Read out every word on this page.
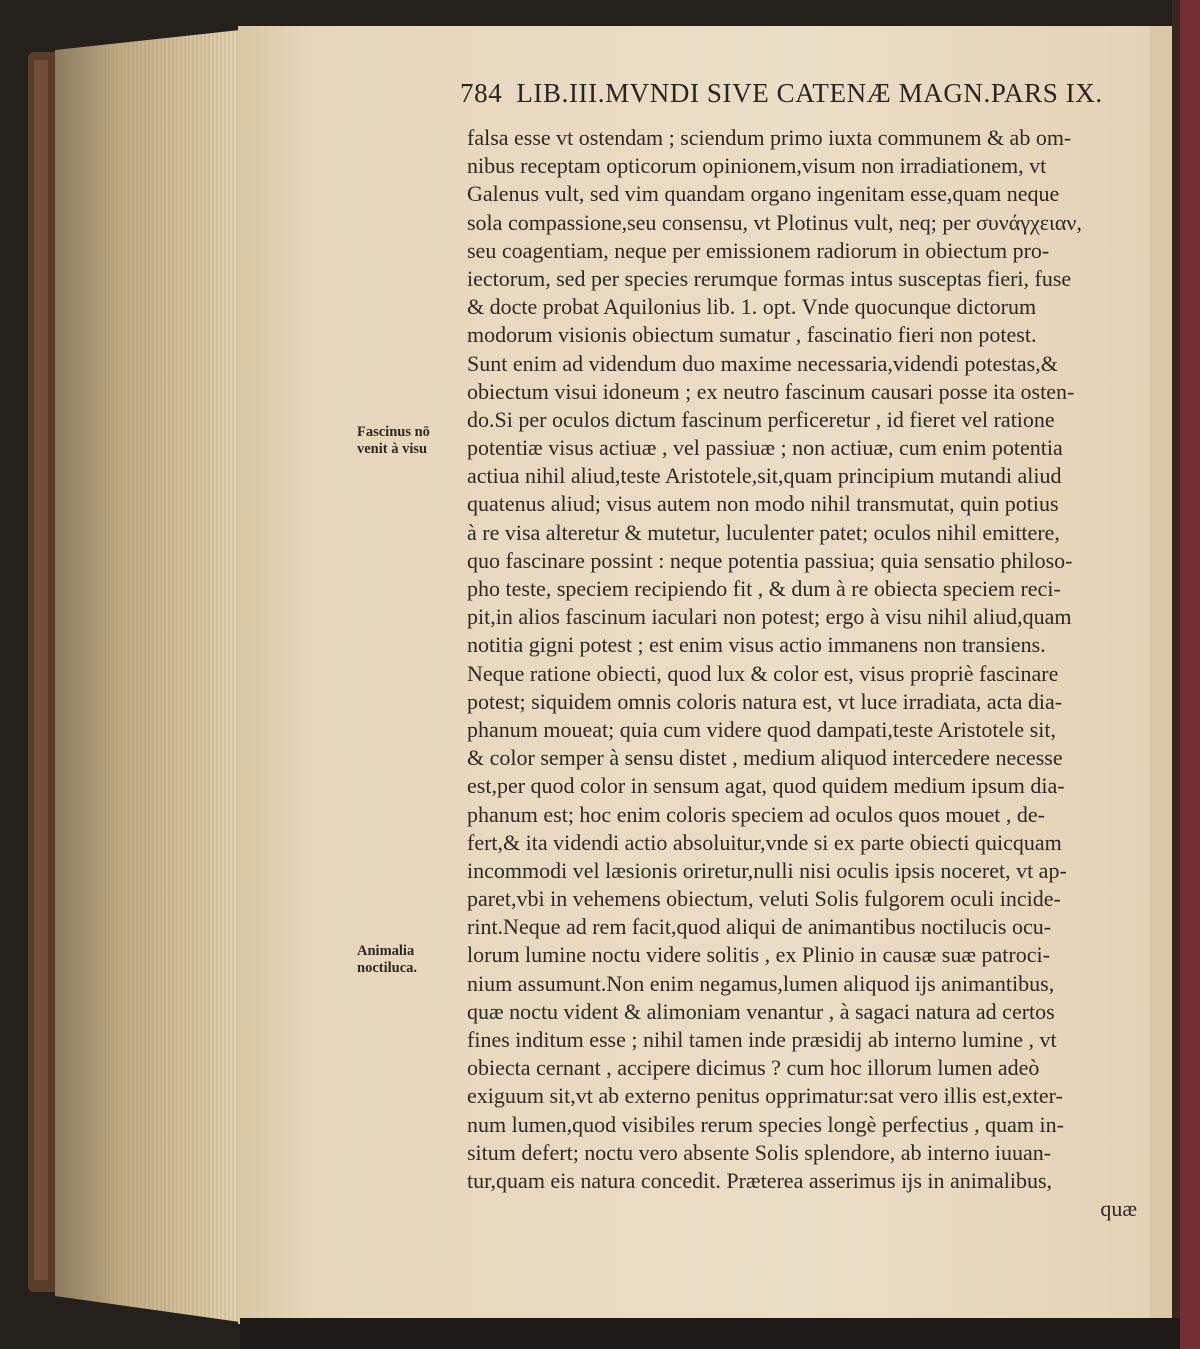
784 LIB.III.MVNDI SIVE CATENÆ MAGN.PARS IX.
falsa esse vt ostendam ; sciendum primo iuxta communem & ab om-
nibus receptam opticorum opinionem,visum non irradiationem, vt
Galenus vult, sed vim quandam organo ingenitam esse,quam neque
sola compassione,seu consensu, vt Plotinus vult, neq; per συνάγχειαν,
seu coagentiam, neque per emissionem radiorum in obiectum pro-
iectorum, sed per species rerumque formas intus susceptas fieri, fuse
& docte probat Aquilonius lib. 1. opt. Vnde quocunque dictorum
modorum visionis obiectum sumatur , fascinatio fieri non potest.
Sunt enim ad videndum duo maxime necessaria,videndi potestas,&
obiectum visui idoneum ; ex neutro fascinum causari posse ita osten-
do.Si per oculos dictum fascinum perficeretur , id fieret vel ratione
potentiæ visus actiuæ , vel passiuæ ; non actiuæ, cum enim potentia
actiua nihil aliud,teste Aristotele,sit,quam principium mutandi aliud
quatenus aliud; visus autem non modo nihil transmutat, quin potius
à re visa alteretur & mutetur, luculenter patet; oculos nihil emittere,
quo fascinare possint : neque potentia passiua; quia sensatio philoso-
pho teste, speciem recipiendo fit , & dum à re obiecta speciem reci-
pit,in alios fascinum iaculari non potest; ergo à visu nihil aliud,quam
notitia gigni potest ; est enim visus actio immanens non transiens.
Neque ratione obiecti, quod lux & color est, visus propriè fascinare
potest; siquidem omnis coloris natura est, vt luce irradiata, acta dia-
phanum moueat; quia cum videre quod dampati,teste Aristotele sit,
& color semper à sensu distet , medium aliquod intercedere necesse
est,per quod color in sensum agat, quod quidem medium ipsum dia-
phanum est; hoc enim coloris speciem ad oculos quos mouet , de-
fert,& ita videndi actio absoluitur,vnde si ex parte obiecti quicquam
incommodi vel læsionis oriretur,nulli nisi oculis ipsis noceret, vt ap-
paret,vbi in vehemens obiectum, veluti Solis fulgorem oculi incide-
rint.Neque ad rem facit,quod aliqui de animantibus noctilucis ocu-
lorum lumine noctu videre solitis , ex Plinio in causæ suæ patroci-
nium assumunt.Non enim negamus,lumen aliquod ijs animantibus,
quæ noctu vident & alimoniam venantur , à sagaci natura ad certos
fines inditum esse ; nihil tamen inde præsidij ab interno lumine , vt
obiecta cernant , accipere dicimus ? cum hoc illorum lumen adeò
exiguum sit,vt ab externo penitus opprimatur:sat vero illis est,exter-
num lumen,quod visibiles rerum species longè perfectius , quam in-
situm defert; noctu vero absente Solis splendore, ab interno iuuan-
tur,quam eis natura concedit. Præterea asserimus ijs in animalibus,
quæ
Fascinus nō
venit à visu
Animalia
noctiluca.
